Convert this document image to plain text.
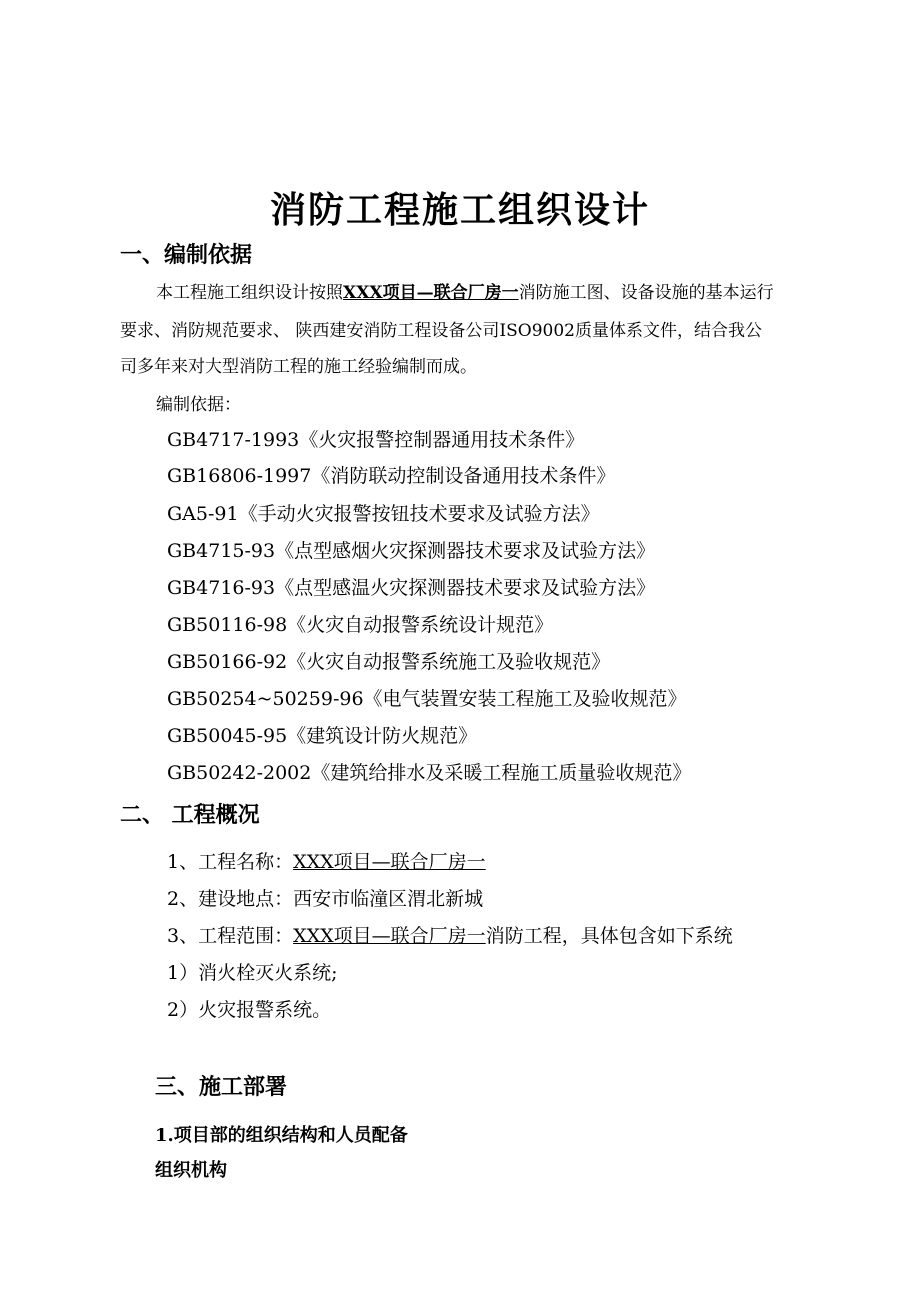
消防工程施工组织设计
一、编制依据
本工程施工组织设计按照XXX项目—联合厂房一消防施工图、设备设施的基本运行
要求、消防规范要求、 陕西建安消防工程设备公司ISO9002质量体系文件，结合我公
司多年来对大型消防工程的施工经验编制而成。
编制依据：
GB4717-1993《火灾报警控制器通用技术条件》
GB16806-1997《消防联动控制设备通用技术条件》
GA5-91《手动火灾报警按钮技术要求及试验方法》
GB4715-93《点型感烟火灾探测器技术要求及试验方法》
GB4716-93《点型感温火灾探测器技术要求及试验方法》
GB50116-98《火灾自动报警系统设计规范》
GB50166-92《火灾自动报警系统施工及验收规范》
GB50254~50259-96《电气装置安装工程施工及验收规范》
GB50045-95《建筑设计防火规范》
GB50242-2002《建筑给排水及采暖工程施工质量验收规范》
二、 工程概况
1、工程名称：XXX项目—联合厂房一
2、建设地点：西安市临潼区渭北新城
3、工程范围：XXX项目—联合厂房一消防工程，具体包含如下系统
1）消火栓灭火系统;
2）火灾报警系统。
三、施工部署
1.项目部的组织结构和人员配备
组织机构
